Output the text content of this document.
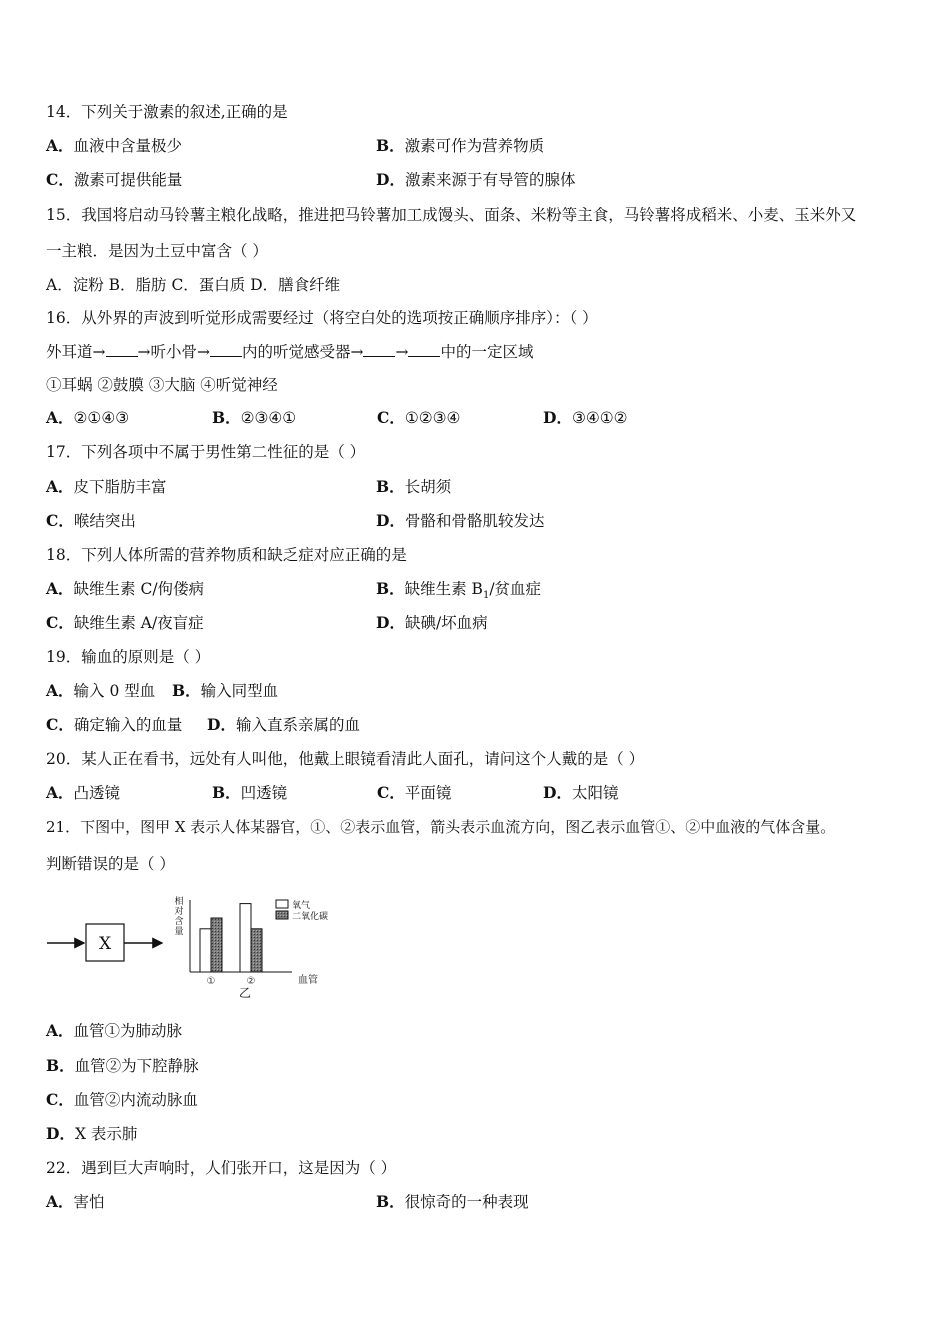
14．下列关于激素的叙述,正确的是
A．血液中含量极少	B．激素可作为营养物质
C．激素可提供能量	D．激素来源于有导管的腺体
15．我国将启动马铃薯主粮化战略，推进把马铃薯加工成馒头、面条、米粉等主食，马铃薯将成稻米、小麦、玉米外又
一主粮．是因为土豆中富含（ ）
A．淀粉 B．脂肪 C．蛋白质 D．膳食纤维
16．从外界的声波到听觉形成需要经过（将空白处的选项按正确顺序排序）：（ ）
外耳道→ →听小骨→ 内的听觉感受器→ → 中的一定区域
①耳蜗 ②鼓膜 ③大脑 ④听觉神经
A．②①④③	B．②③④①	C．①②③④	D．③④①②
17．下列各项中不属于男性第二性征的是（ ）
A．皮下脂肪丰富	B．长胡须
C．喉结突出	D．骨骼和骨骼肌较发达
18．下列人体所需的营养物质和缺乏症对应正确的是
A．缺维生素 C/佝偻病	B．缺维生素 $B_1/$贫血症
C．缺维生素 A/夜盲症	D．缺碘/坏血病
19．输血的原则是（ ）
A．输入 0 型血 B．输入同型血
C．确定输入的血量 D．输入直系亲属的血
20．某人正在看书，远处有人叫他，他戴上眼镜看清此人面孔，请问这个人戴的是（ ）
A．凸透镜	B．凹透镜	C．平面镜	D．太阳镜
21．下图中，图甲 X 表示人体某器官，①、②表示血管，箭头表示血流方向，图乙表示血管①、②中血液的气体含量。
判断错误的是（ ）
X
相
对
含
量
①	②	血管
乙
氧气
二氧化碳
A．血管①为肺动脉
B．血管②为下腔静脉
C．血管②内流动脉血
D．X 表示肺
22．遇到巨大声响时，人们张开口，这是因为（ ）
A．害怕	B．很惊奇的一种表现
